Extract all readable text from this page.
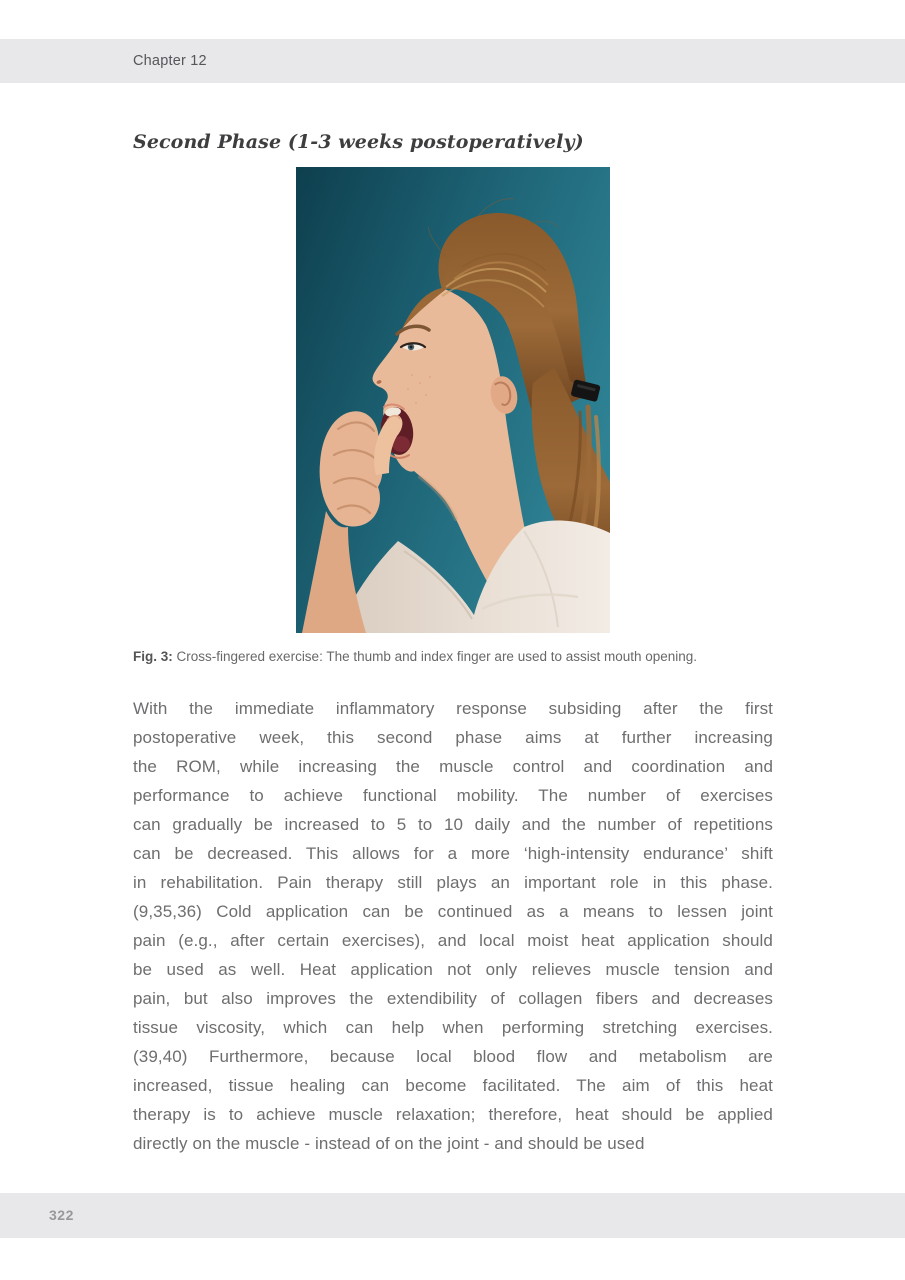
Chapter 12
Second Phase (1-3 weeks postoperatively)
Fig. 3: Cross-fingered exercise: The thumb and index finger are used to assist mouth opening.
With the immediate inflammatory response subsiding after the first
postoperative week, this second phase aims at further increasing
the ROM, while increasing the muscle control and coordination and
performance to achieve functional mobility. The number of exercises
can gradually be increased to 5 to 10 daily and the number of repetitions
can be decreased. This allows for a more ‘high-intensity endurance’ shift
in rehabilitation. Pain therapy still plays an important role in this phase.
(9,35,36) Cold application can be continued as a means to lessen joint
pain (e.g., after certain exercises), and local moist heat application should
be used as well. Heat application not only relieves muscle tension and
pain, but also improves the extendibility of collagen fibers and decreases
tissue viscosity, which can help when performing stretching exercises.
(39,40) Furthermore, because local blood flow and metabolism are
increased, tissue healing can become facilitated. The aim of this heat
therapy is to achieve muscle relaxation; therefore, heat should be applied
directly on the muscle - instead of on the joint - and should be used
322
